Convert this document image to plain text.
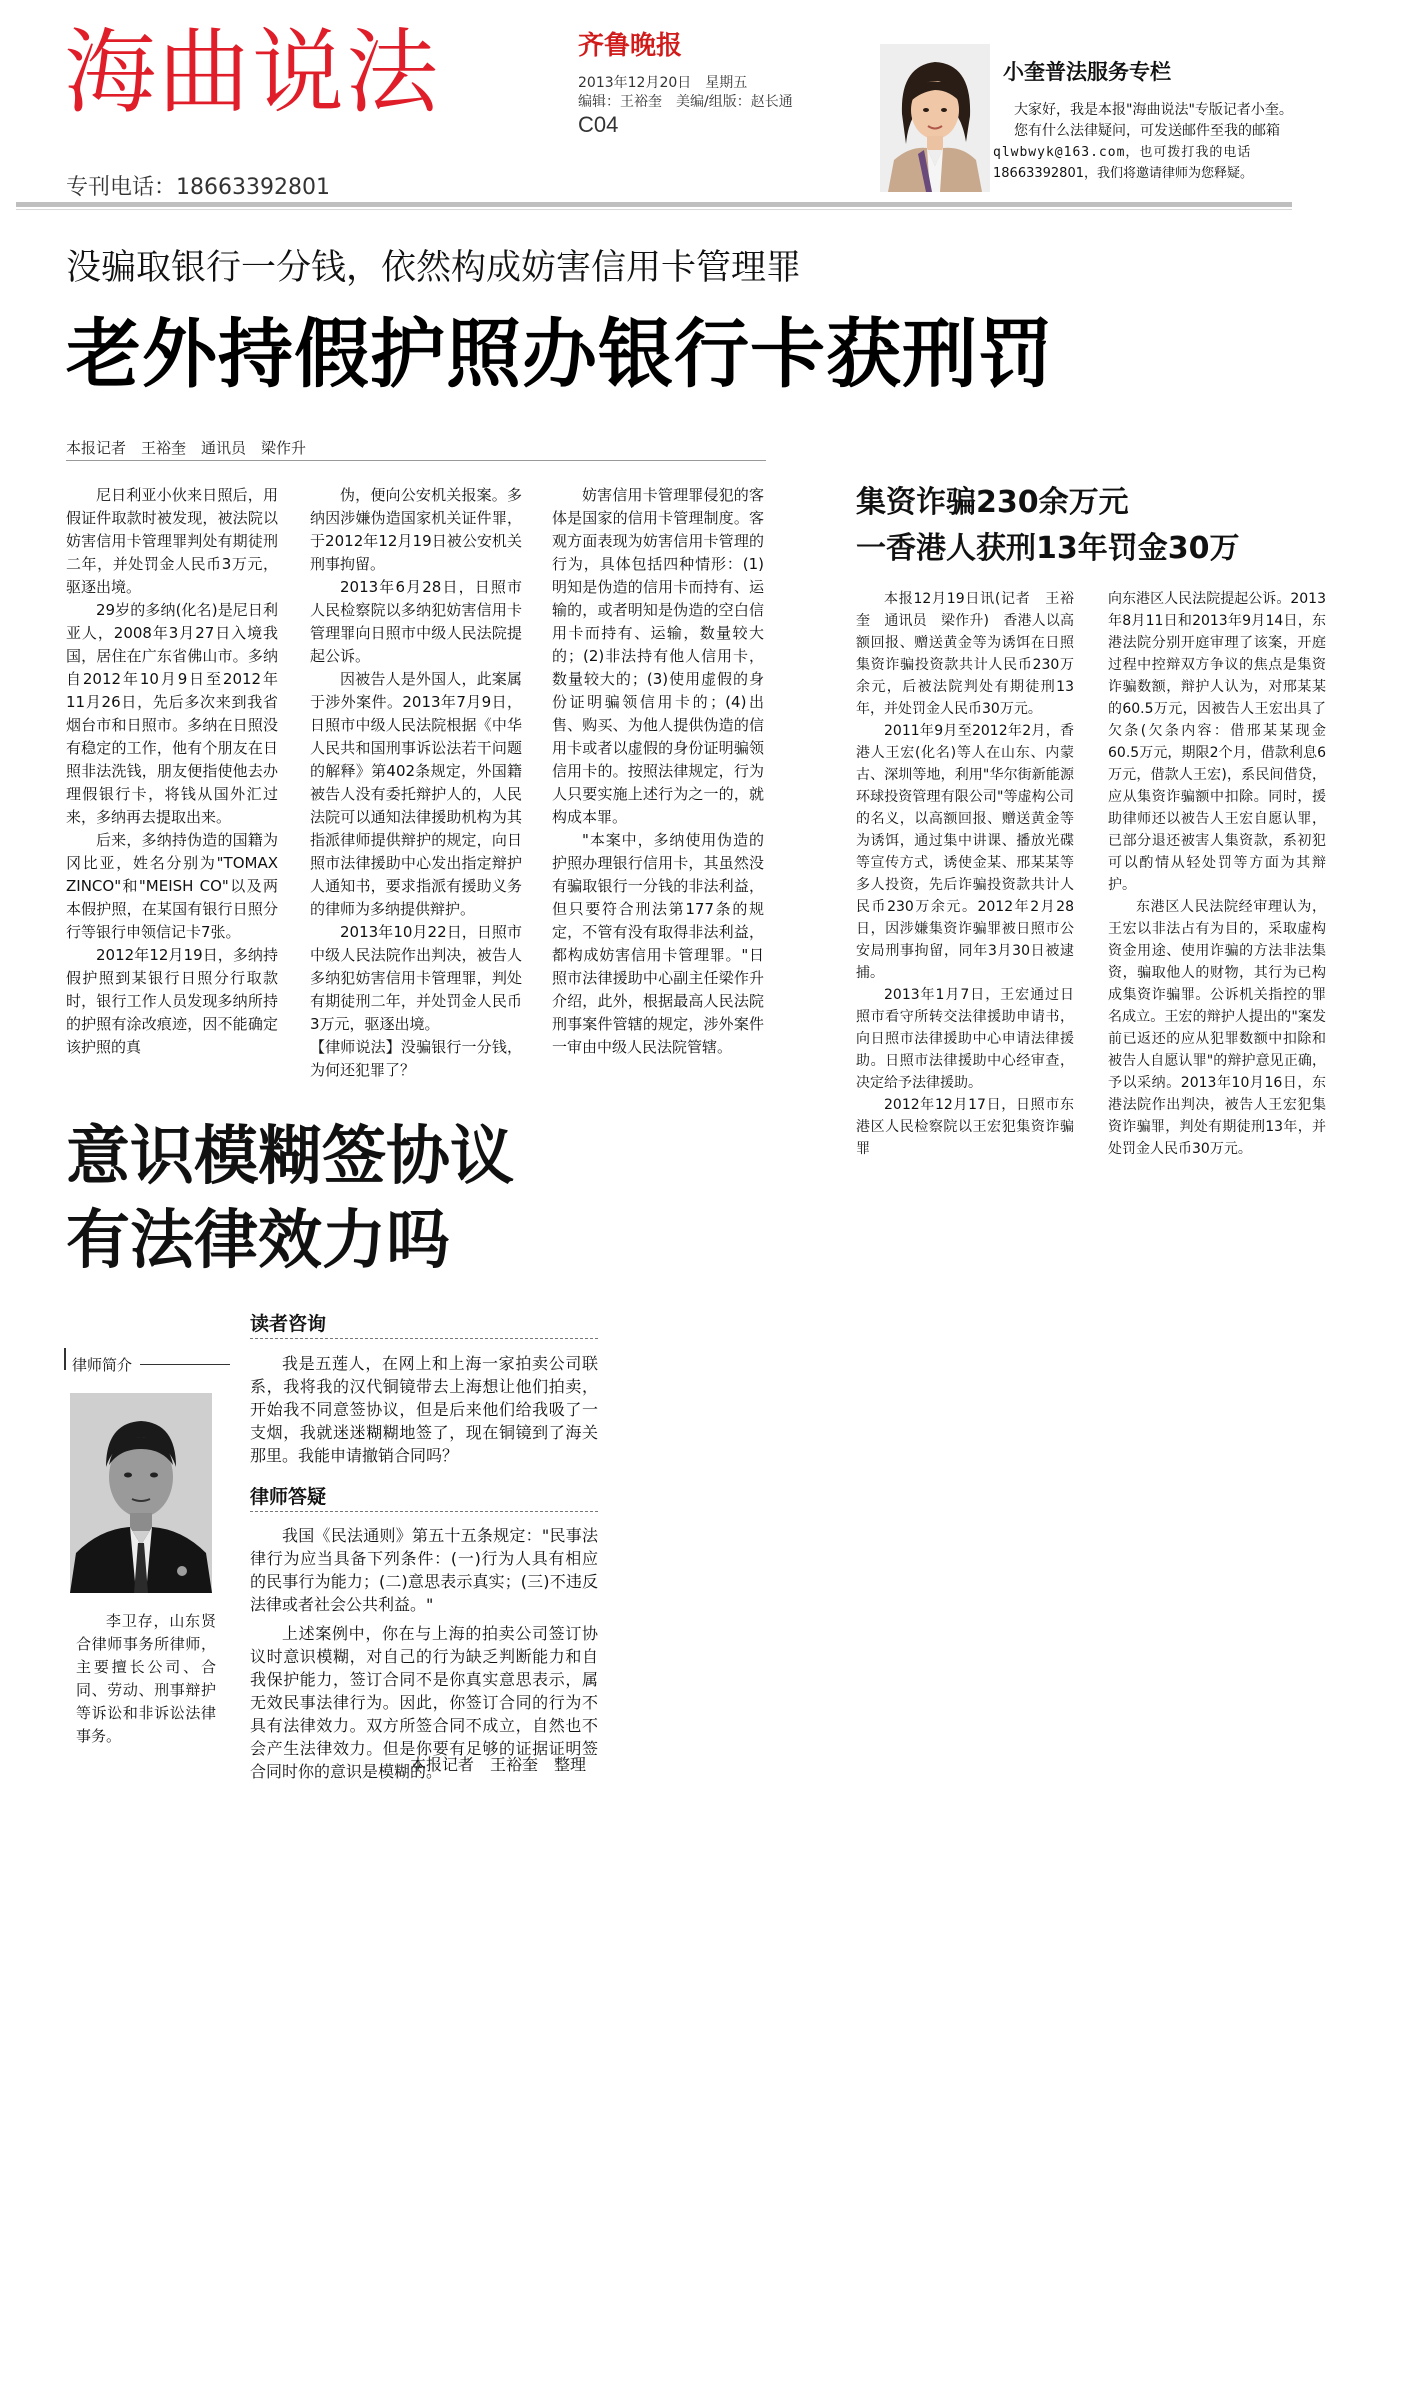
海曲说法	齐鲁晚报
2013年12月20日　星期五
编辑：王裕奎　美编/组版：赵长通
C04
专刊电话：18663392801
小奎普法服务专栏
大家好，我是本报"海曲说法"专版记者小奎。
您有什么法律疑问，可发送邮件至我的邮箱
qlwbwyk@163.com，也可拨打我的电话
18663392801，我们将邀请律师为您释疑。
没骗取银行一分钱，依然构成妨害信用卡管理罪
老外持假护照办银行卡获刑罚
本报记者　王裕奎　通讯员　梁作升

尼日利亚小伙来日照后，用假证件取款时被发现，被法院以妨害信用卡管理罪判处有期徒刑二年，并处罚金人民币3万元，驱逐出境。

29岁的多纳(化名)是尼日利亚人，2008年3月27日入境我国，居住在广东省佛山市。多纳自2012年10月9日至2012年11月26日，先后多次来到我省烟台市和日照市。多纳在日照没有稳定的工作，他有个朋友在日照非法洗钱，朋友便指使他去办理假银行卡，将钱从国外汇过来，多纳再去提取出来。

后来，多纳持伪造的国籍为冈比亚，姓名分别为"TOMAX ZINCO"和"MEISH CO"以及两本假护照，在某国有银行日照分行等银行申领信记卡7张。

2012年12月19日，多纳持假护照到某银行日照分行取款时，银行工作人员发现多纳所持的护照有涂改痕迹，因不能确定该护照的真

伪，便向公安机关报案。多纳因涉嫌伪造国家机关证件罪，于2012年12月19日被公安机关刑事拘留。

2013年6月28日，日照市人民检察院以多纳犯妨害信用卡管理罪向日照市中级人民法院提起公诉。

因被告人是外国人，此案属于涉外案件。2013年7月9日，日照市中级人民法院根据《中华人民共和国刑事诉讼法若干问题的解释》第402条规定，外国籍被告人没有委托辩护人的，人民法院可以通知法律援助机构为其指派律师提供辩护的规定，向日照市法律援助中心发出指定辩护人通知书，要求指派有援助义务的律师为多纳提供辩护。

2013年10月22日，日照市中级人民法院作出判决，被告人多纳犯妨害信用卡管理罪，判处有期徒刑二年，并处罚金人民币3万元，驱逐出境。

【律师说法】没骗银行一分钱，为何还犯罪了？

妨害信用卡管理罪侵犯的客体是国家的信用卡管理制度。客观方面表现为妨害信用卡管理的行为，具体包括四种情形：(1)明知是伪造的信用卡而持有、运输的，或者明知是伪造的空白信用卡而持有、运输，数量较大的；(2)非法持有他人信用卡，数量较大的；(3)使用虚假的身份证明骗领信用卡的；(4)出售、购买、为他人提供伪造的信用卡或者以虚假的身份证明骗领信用卡的。按照法律规定，行为人只要实施上述行为之一的，就构成本罪。

"本案中，多纳使用伪造的护照办理银行信用卡，其虽然没有骗取银行一分钱的非法利益，但只要符合刑法第177条的规定，不管有没有取得非法利益，都构成妨害信用卡管理罪。"日照市法律援助中心副主任梁作升介绍，此外，根据最高人民法院刑事案件管辖的规定，涉外案件一审由中级人民法院管辖。

集资诈骗230余万元
一香港人获刑13年罚金30万

本报12月19日讯(记者　王裕奎　通讯员　梁作升)　香港人以高额回报、赠送黄金等为诱饵在日照集资诈骗投资款共计人民币230万余元，后被法院判处有期徒刑13年，并处罚金人民币30万元。

2011年9月至2012年2月，香港人王宏(化名)等人在山东、内蒙古、深圳等地，利用"华尔街新能源环球投资管理有限公司"等虚构公司的名义，以高额回报、赠送黄金等为诱饵，通过集中讲课、播放光碟等宣传方式，诱使金某、邢某某等多人投资，先后诈骗投资款共计人民币230万余元。2012年2月28日，因涉嫌集资诈骗罪被日照市公安局刑事拘留，同年3月30日被逮捕。

2013年1月7日，王宏通过日照市看守所转交法律援助申请书，向日照市法律援助中心申请法律援助。日照市法律援助中心经审查，决定给予法律援助。

2012年12月17日，日照市东港区人民检察院以王宏犯集资诈骗罪

向东港区人民法院提起公诉。2013年8月11日和2013年9月14日，东港法院分别开庭审理了该案，开庭过程中控辩双方争议的焦点是集资诈骗数额，辩护人认为，对邢某某的60.5万元，因被告人王宏出具了欠条(欠条内容：借邢某某现金60.5万元，期限2个月，借款利息6万元，借款人王宏)，系民间借贷，应从集资诈骗额中扣除。同时，援助律师还以被告人王宏自愿认罪，已部分退还被害人集资款，系初犯可以酌情从轻处罚等方面为其辩护。

东港区人民法院经审理认为，王宏以非法占有为目的，采取虚构资金用途、使用诈骗的方法非法集资，骗取他人的财物，其行为已构成集资诈骗罪。公诉机关指控的罪名成立。王宏的辩护人提出的"案发前已返还的应从犯罪数额中扣除和被告人自愿认罪"的辩护意见正确，予以采纳。2013年10月16日，东港法院作出判决，被告人王宏犯集资诈骗罪，判处有期徒刑13年，并处罚金人民币30万元。

意识模糊签协议
有法律效力吗
律师简介
李卫存，山东贤合律师事务所律师，主要擅长公司、合同、劳动、刑事辩护等诉讼和非诉讼法律事务。
读者咨询

我是五莲人，在网上和上海一家拍卖公司联系，我将我的汉代铜镜带去上海想让他们拍卖，开始我不同意签协议，但是后来他们给我吸了一支烟，我就迷迷糊糊地签了，现在铜镜到了海关那里。我能申请撤销合同吗？

律师答疑

我国《民法通则》第五十五条规定："民事法律行为应当具备下列条件：(一)行为人具有相应的民事行为能力；(二)意思表示真实；(三)不违反法律或者社会公共利益。"

上述案例中，你在与上海的拍卖公司签订协议时意识模糊，对自己的行为缺乏判断能力和自我保护能力，签订合同不是你真实意思表示，属无效民事法律行为。因此，你签订合同的行为不具有法律效力。双方所签合同不成立，自然也不会产生法律效力。但是你要有足够的证据证明签合同时你的意识是模糊的。

本报记者　王裕奎　整理
